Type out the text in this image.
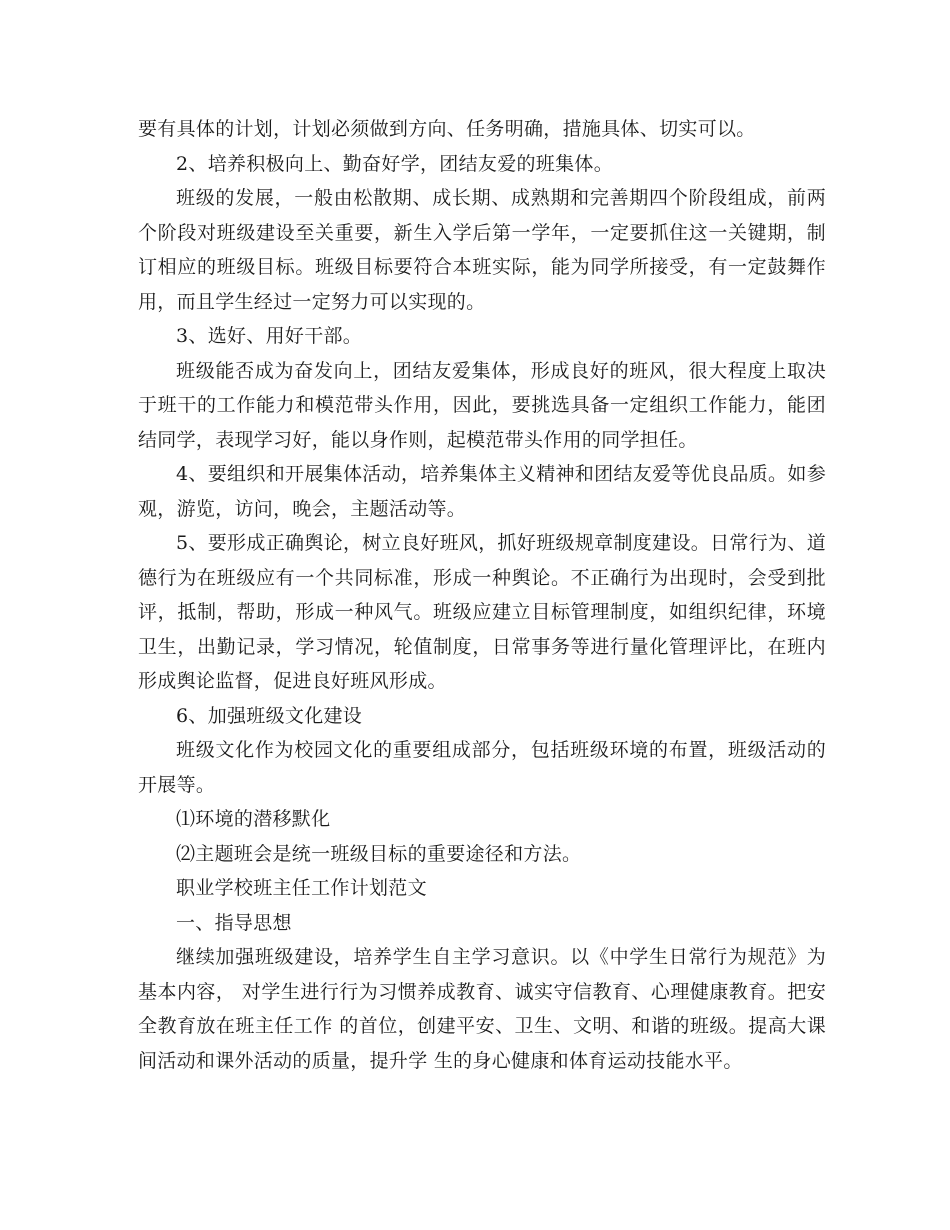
要有具体的计划，计划必须做到方向、任务明确，措施具体、切实可以。

2、培养积极向上、勤奋好学，团结友爱的班集体。

班级的发展，一般由松散期、成长期、成熟期和完善期四个阶段组成，前两个阶段对班级建设至关重要，新生入学后第一学年，一定要抓住这一关键期，制订相应的班级目标。班级目标要符合本班实际，能为同学所接受，有一定鼓舞作用，而且学生经过一定努力可以实现的。

3、选好、用好干部。

班级能否成为奋发向上，团结友爱集体，形成良好的班风，很大程度上取决于班干的工作能力和模范带头作用，因此，要挑选具备一定组织工作能力，能团结同学，表现学习好，能以身作则，起模范带头作用的同学担任。

4、要组织和开展集体活动，培养集体主义精神和团结友爱等优良品质。如参观，游览，访问，晚会，主题活动等。

5、要形成正确舆论，树立良好班风，抓好班级规章制度建设。日常行为、道德行为在班级应有一个共同标准，形成一种舆论。不正确行为出现时，会受到批评，抵制，帮助，形成一种风气。班级应建立目标管理制度，如组织纪律，环境卫生，出勤记录，学习情况，轮值制度，日常事务等进行量化管理评比，在班内形成舆论监督，促进良好班风形成。

6、加强班级文化建设

班级文化作为校园文化的重要组成部分，包括班级环境的布置，班级活动的开展等。

⑴环境的潜移默化

⑵主题班会是统一班级目标的重要途径和方法。

职业学校班主任工作计划范文

一、指导思想

继续加强班级建设，培养学生自主学习意识。以《中学生日常行为规范》为基本内容， 对学生进行行为习惯养成教育、诚实守信教育、心理健康教育。把安全教育放在班主任工作 的首位，创建平安、卫生、文明、和谐的班级。提高大课间活动和课外活动的质量，提升学 生的身心健康和体育运动技能水平。
